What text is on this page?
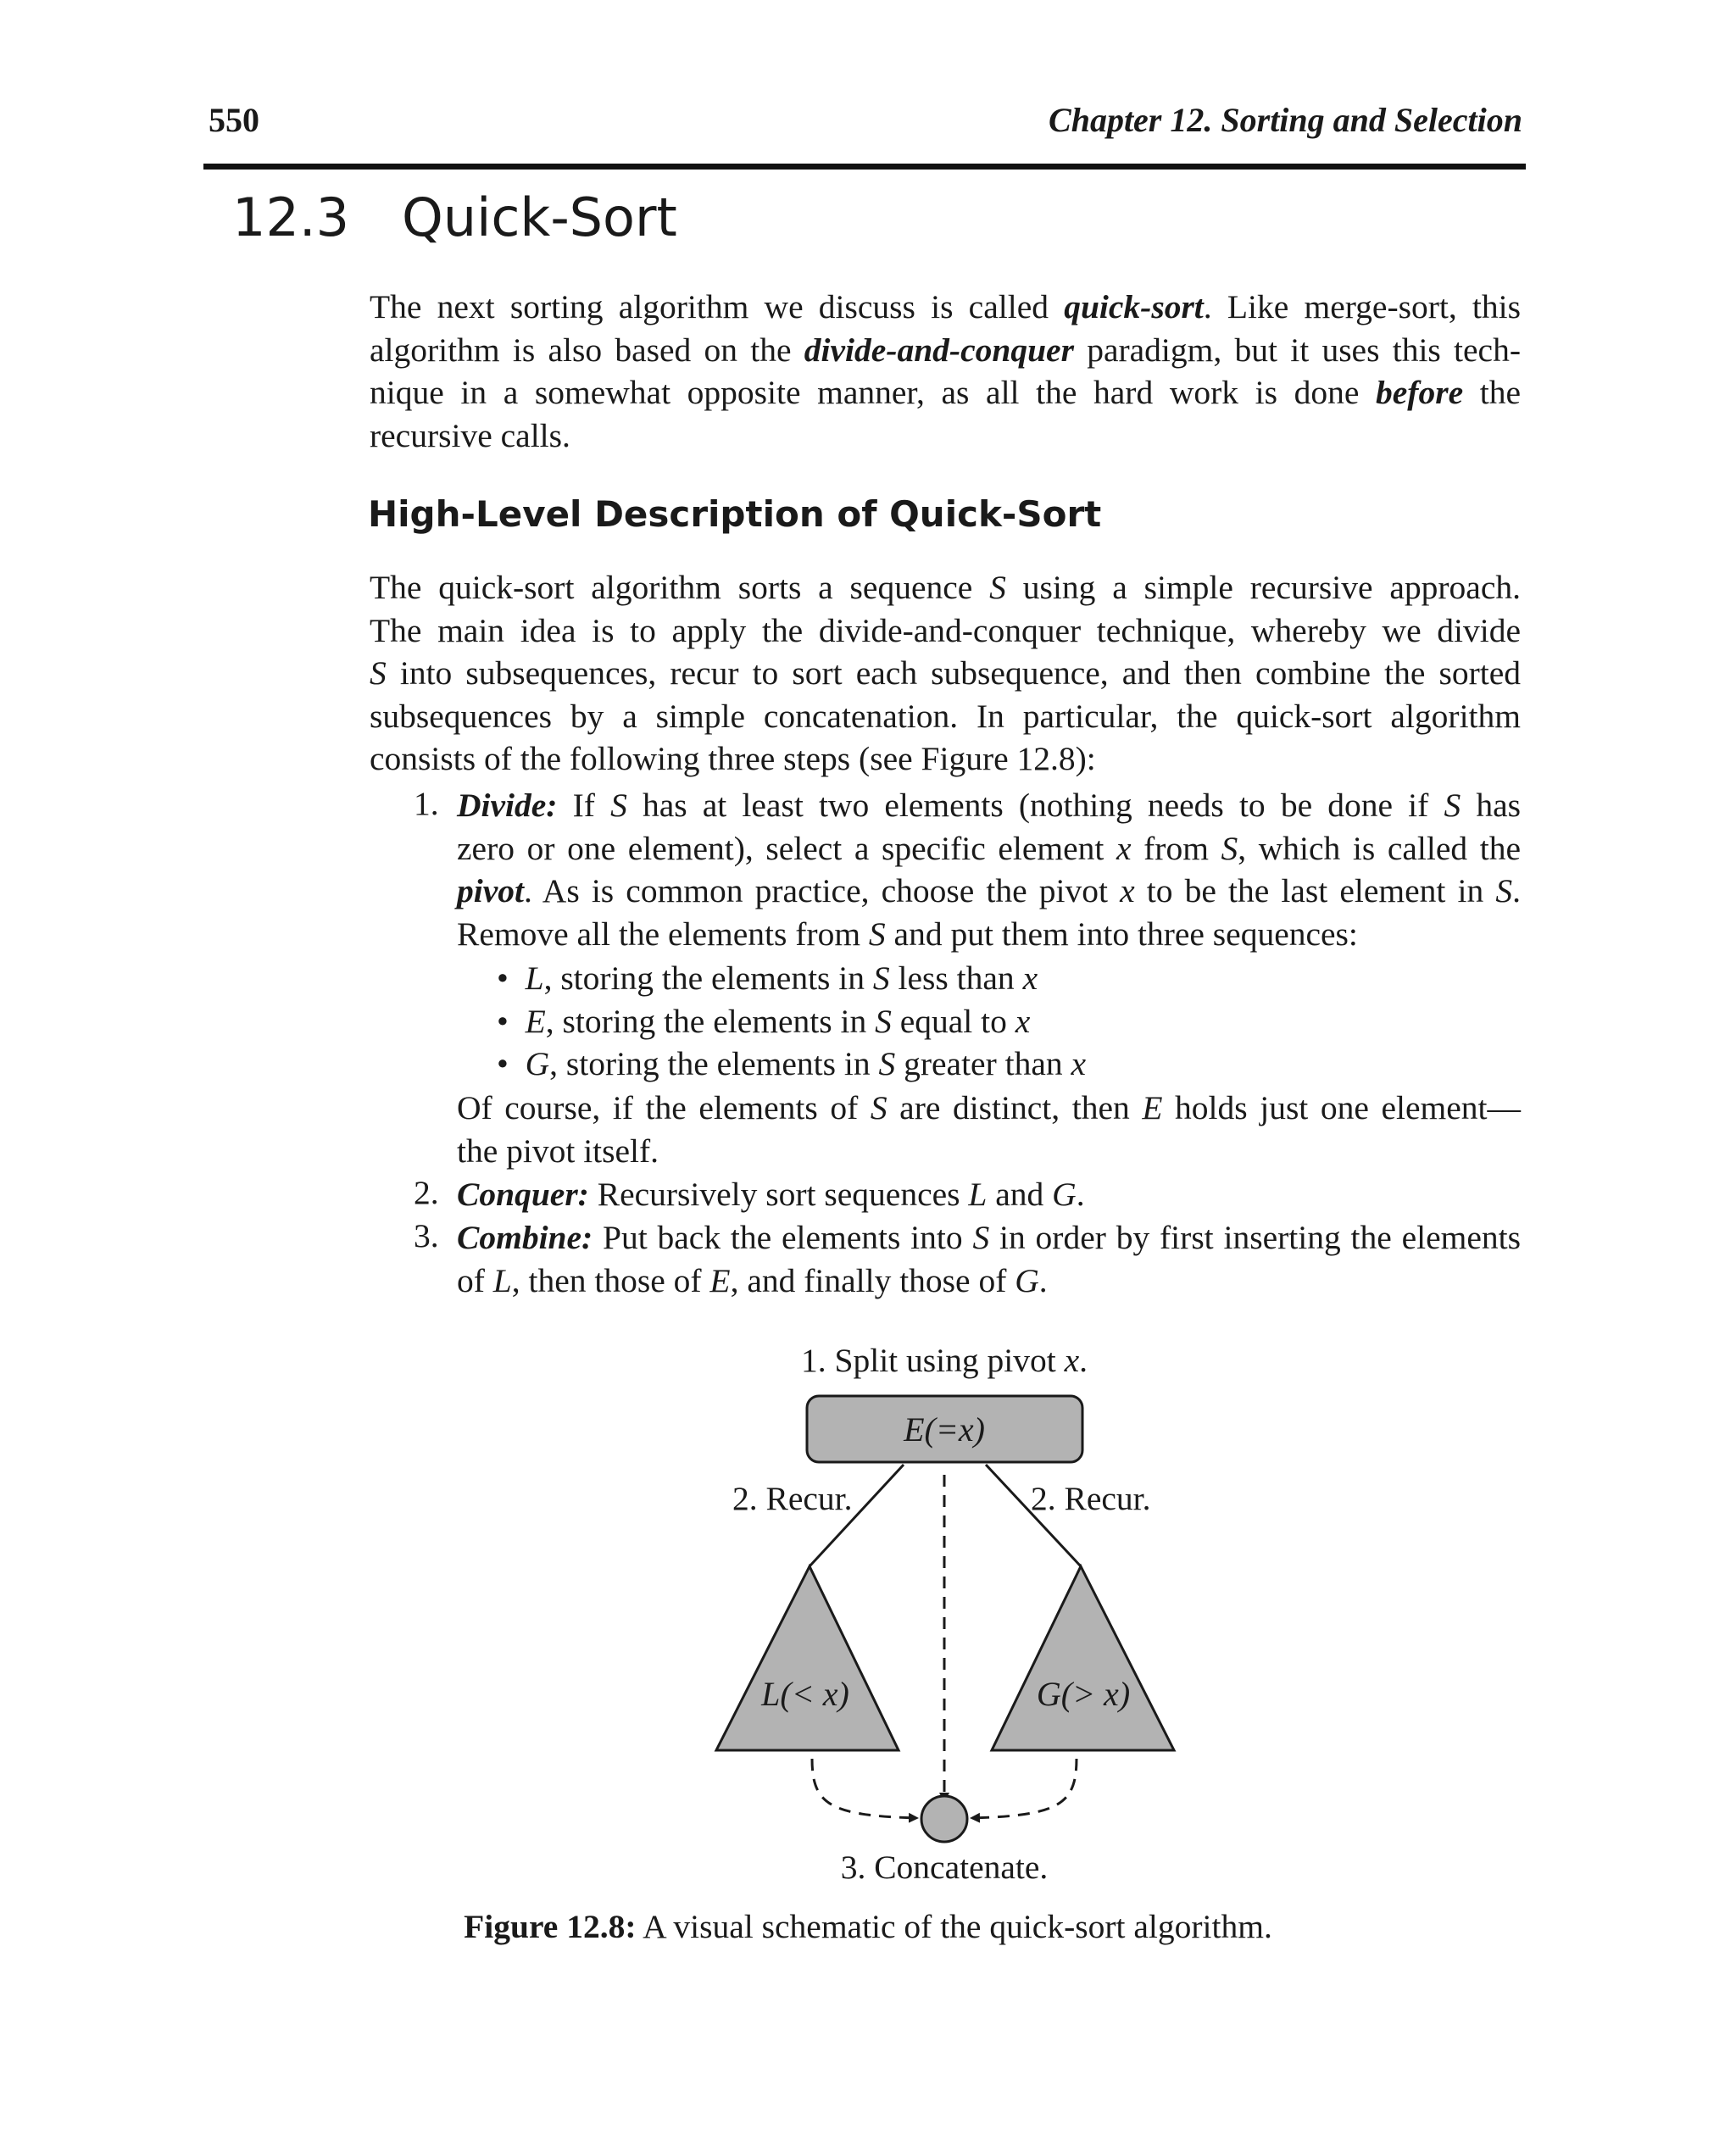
550	Chapter 12. Sorting and Selection
12.3 Quick-Sort
The next sorting algorithm we discuss is called quick-sort. Like merge-sort, this
algorithm is also based on the divide-and-conquer paradigm, but it uses this tech-
nique in a somewhat opposite manner, as all the hard work is done before the
recursive calls.
High-Level Description of Quick-Sort
The quick-sort algorithm sorts a sequence S using a simple recursive approach.
The main idea is to apply the divide-and-conquer technique, whereby we divide
S into subsequences, recur to sort each subsequence, and then combine the sorted
subsequences by a simple concatenation. In particular, the quick-sort algorithm
consists of the following three steps (see Figure 12.8):
1. Divide: If S has at least two elements (nothing needs to be done if S has
zero or one element), select a specific element x from S, which is called the
pivot. As is common practice, choose the pivot x to be the last element in S.
Remove all the elements from S and put them into three sequences:
• L, storing the elements in S less than x
• E, storing the elements in S equal to x
• G, storing the elements in S greater than x
Of course, if the elements of S are distinct, then E holds just one element—
the pivot itself.
2. Conquer: Recursively sort sequences L and G.
3. Combine: Put back the elements into S in order by first inserting the elements
of L, then those of E, and finally those of G.
1. Split using pivot x.
E(=x)
2. Recur.	2. Recur.
L(< x)	G(> x)
3. Concatenate.
Figure 12.8: A visual schematic of the quick-sort algorithm.
